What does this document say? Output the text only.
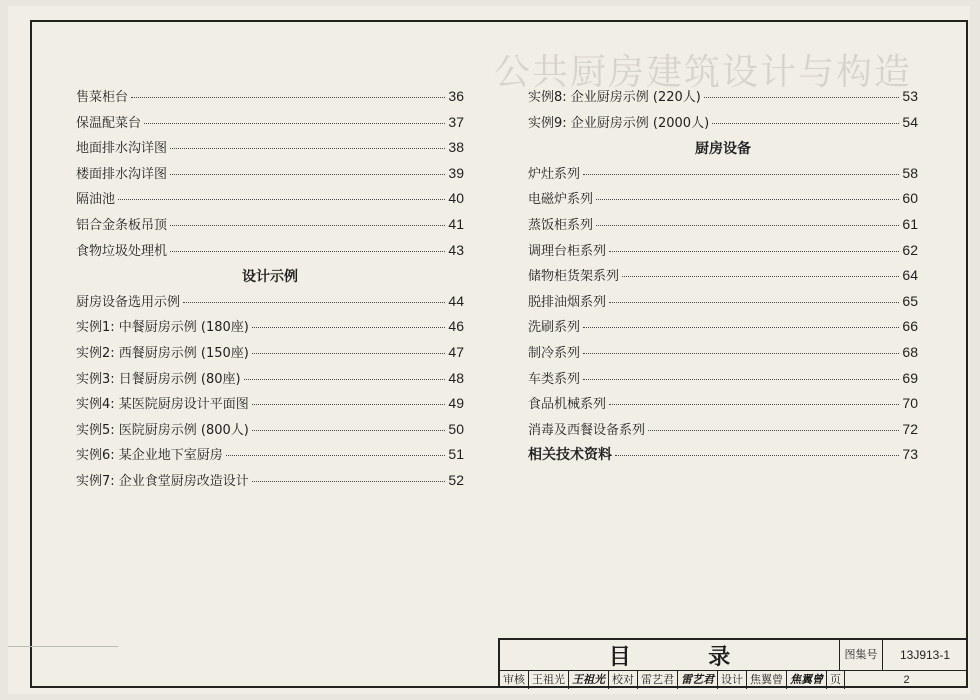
公共厨房建筑设计与构造
售菜柜台	36
保温配菜台	37
地面排水沟详图	38
楼面排水沟详图	39
隔油池	40
铝合金条板吊顶	41
食物垃圾处理机	43
设计示例
厨房设备选用示例	44
实例1: 中餐厨房示例 (180座)	46
实例2: 西餐厨房示例 (150座)	47
实例3: 日餐厨房示例 (80座)	48
实例4: 某医院厨房设计平面图	49
实例5: 医院厨房示例 (800人)	50
实例6: 某企业地下室厨房	51
实例7: 企业食堂厨房改造设计	52
实例8: 企业厨房示例 (220人)	53
实例9: 企业厨房示例 (2000人)	54
厨房设备
炉灶系列	58
电磁炉系列	60
蒸饭柜系列	61
调理台柜系列	62
储物柜货架系列	64
脱排油烟系列	65
洗刷系列	66
制冷系列	68
车类系列	69
食品机械系列	70
消毒及西餐设备系列	72
相关技术资料	73
目	录	图集号	13J913-1
审核 王祖光 王祖光 校对 雷艺君 雷艺君 设计 焦翼曾 焦翼曾 页	2
